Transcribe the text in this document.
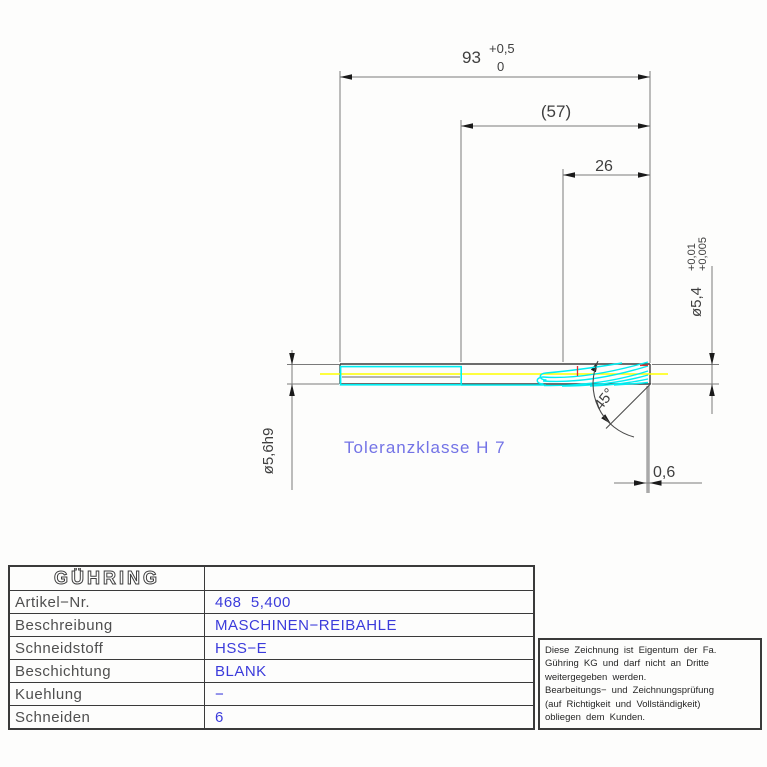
93 +0,5
0
(57)
26
ø5,4
+0,01 +0,005
ø5,6h9
45°
0,6
Toleranzklasse H 7
GÜHRING
Artikel−Nr.	468  5,400
Beschreibung	MASCHINEN−REIBAHLE
Schneidstoff	HSS−E
Beschichtung	BLANK
Kuehlung	−
Schneiden	6
Diese Zeichnung ist Eigentum der Fa.
Gühring KG und darf nicht an Dritte
weitergegeben werden.
Bearbeitungs− und Zeichnungsprüfung
(auf Richtigkeit und Vollständigkeit)
obliegen dem Kunden.
